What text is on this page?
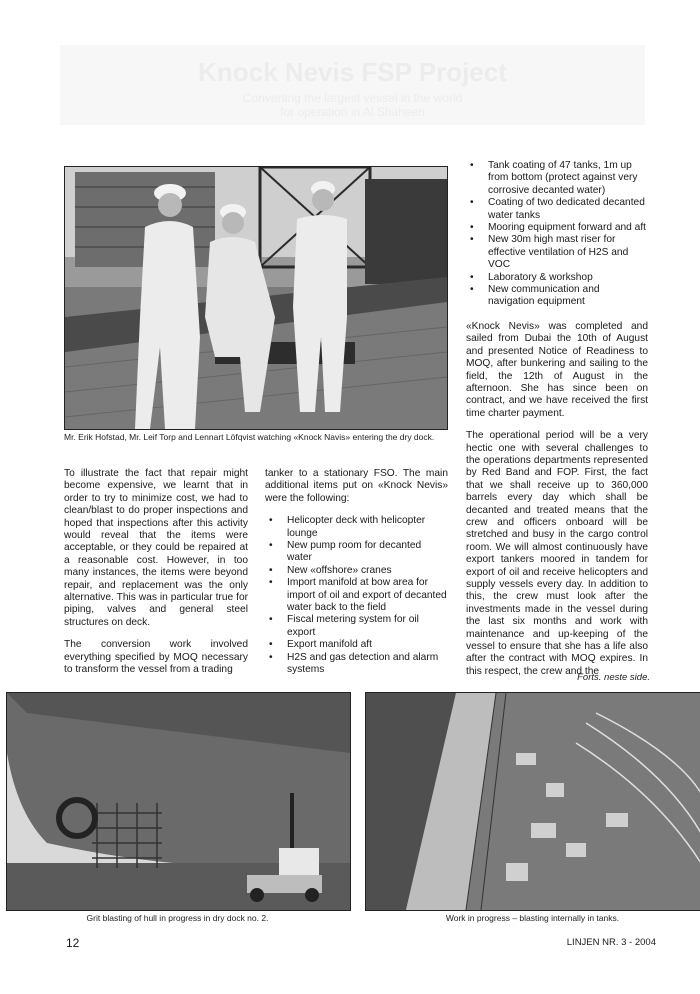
Knock Nevis FSP Project
Converting the largest vessel in the world
for operation in Al Shaheen
Mr. Erik Hofstad, Mr. Leif Torp and Lennart Löfqvist watching «Knock Navis» entering the dry dock.

To illustrate the fact that repair might become expensive, we learnt that in order to try to minimize cost, we had to clean/blast to do proper inspections and hoped that inspections after this activity would reveal that the items were acceptable, or they could be repaired at a reasonable cost. However, in too many instances, the items were beyond repair, and replacement was the only alternative. This was in particular true for piping, valves and general steel structures on deck.

The conversion work involved everything specified by MOQ necessary to transform the vessel from a trading

tanker to a stationary FSO. The main additional items put on «Knock Nevis» were the following:

• Helicopter deck with helicopter lounge
• New pump room for decanted water
• New «offshore» cranes
• Import manifold at bow area for import of oil and export of decanted water back to the field
• Fiscal metering system for oil export
• Export manifold aft
• H2S and gas detection and alarm systems
• Tank coating of 47 tanks, 1m up from bottom (protect against very corrosive decanted water)
• Coating of two dedicated decanted water tanks
• Mooring equipment forward and aft
• New 30m high mast riser for effective ventilation of H2S and VOC
• Laboratory & workshop
• New communication and navigation equipment

«Knock Nevis» was completed and sailed from Dubai the 10th of August and presented Notice of Readiness to MOQ, after bunkering and sailing to the field, the 12th of August in the afternoon. She has since been on contract, and we have received the first time charter payment.

The operational period will be a very hectic one with several challenges to the operations departments represented by Red Band and FOP. First, the fact that we shall receive up to 360,000 barrels every day which shall be decanted and treated means that the crew and officers onboard will be stretched and busy in the cargo control room. We will almost continuously have export tankers moored in tandem for export of oil and receive helicopters and supply vessels every day. In addition to this, the crew must look after the investments made in the vessel during the last six months and work with maintenance and up-keeping of the vessel to ensure that she has a life also after the contract with MOQ expires. In this respect, the crew and the

Forts. neste side.
Grit blasting of hull in progress in dry dock no. 2.	Work in progress – blasting internally in tanks.
12	LINJEN NR. 3 - 2004
